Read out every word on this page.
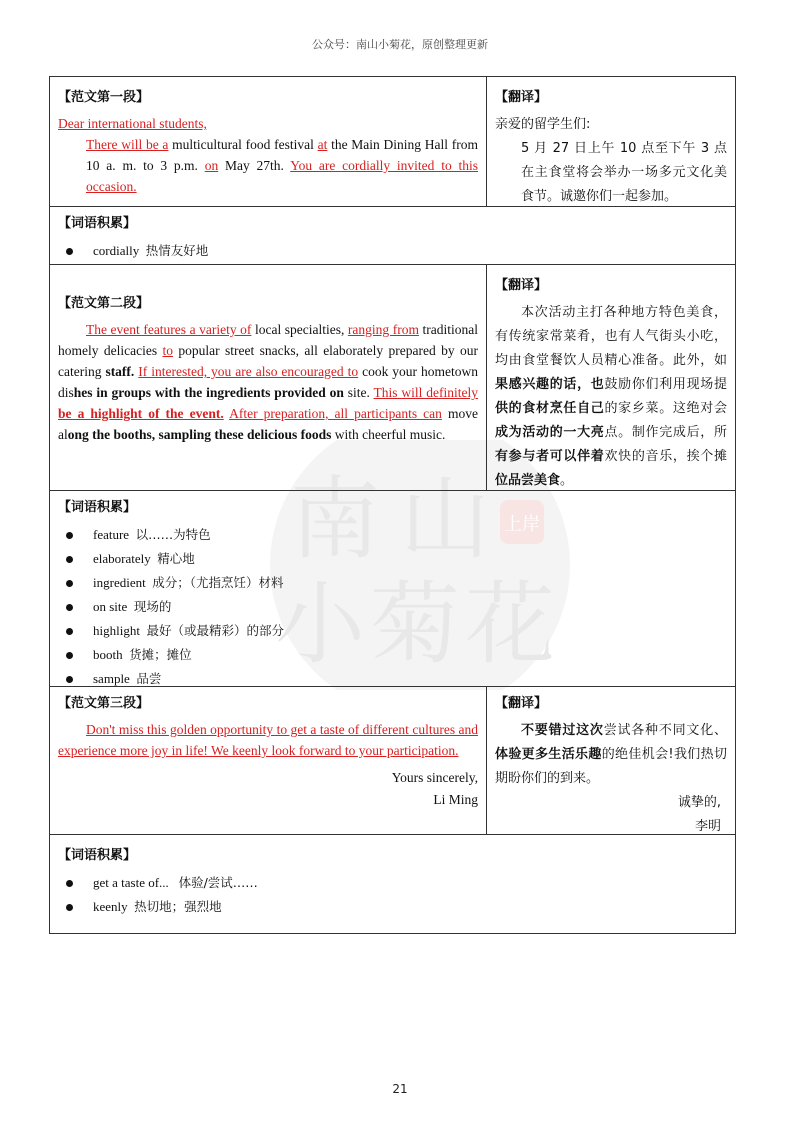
公众号：南山小菊花，原创整理更新
南 山
小 菊 花
上岸
【范文第一段】
Dear international students,
There will be a multicultural food festival at the Main Dining Hall from 10 a. m. to 3 p.m. on May 27th. You are cordially invited to this occasion.
【翻译】
亲爱的留学生们:
5 月 27 日上午 10 点至下午 3 点在主食堂将会举办一场多元文化美食节。诚邀你们一起参加。
【词语积累】
cordially 热情友好地
【范文第二段】
The event features a variety of local specialties, ranging from traditional homely delicacies to popular street snacks, all elaborately prepared by our catering staff. If interested, you are also encouraged to cook your hometown dishes in groups with the ingredients provided on site. This will definitely be a highlight of the event. After preparation, all participants can move along the booths, sampling these delicious foods with cheerful music.
【翻译】
本次活动主打各种地方特色美食，有传统家常菜肴，也有人气街头小吃，均由食堂餐饮人员精心准备。此外，如果感兴趣的话，也鼓励你们利用现场提供的食材烹任自己的家乡菜。这绝对会成为活动的一大亮点。制作完成后，所有参与者可以伴着欢快的音乐，挨个摊位品尝美食。
【词语积累】
feature 以……为特色
elaborately 精心地
ingredient 成分；（尤指烹饪）材料
on site 现场的
highlight 最好（或最精彩）的部分
booth 货摊；摊位
sample 品尝
【范文第三段】
Don't miss this golden opportunity to get a taste of different cultures and experience more joy in life! We keenly look forward to your participation.
Yours sincerely,
Li Ming
【翻译】
不要错过这次尝试各种不同文化、体验更多生活乐趣的绝佳机会!我们热切期盼你们的到来。
诚挚的,
李明
【词语积累】
get a taste of... 体验/尝试……
keenly 热切地；强烈地
21
